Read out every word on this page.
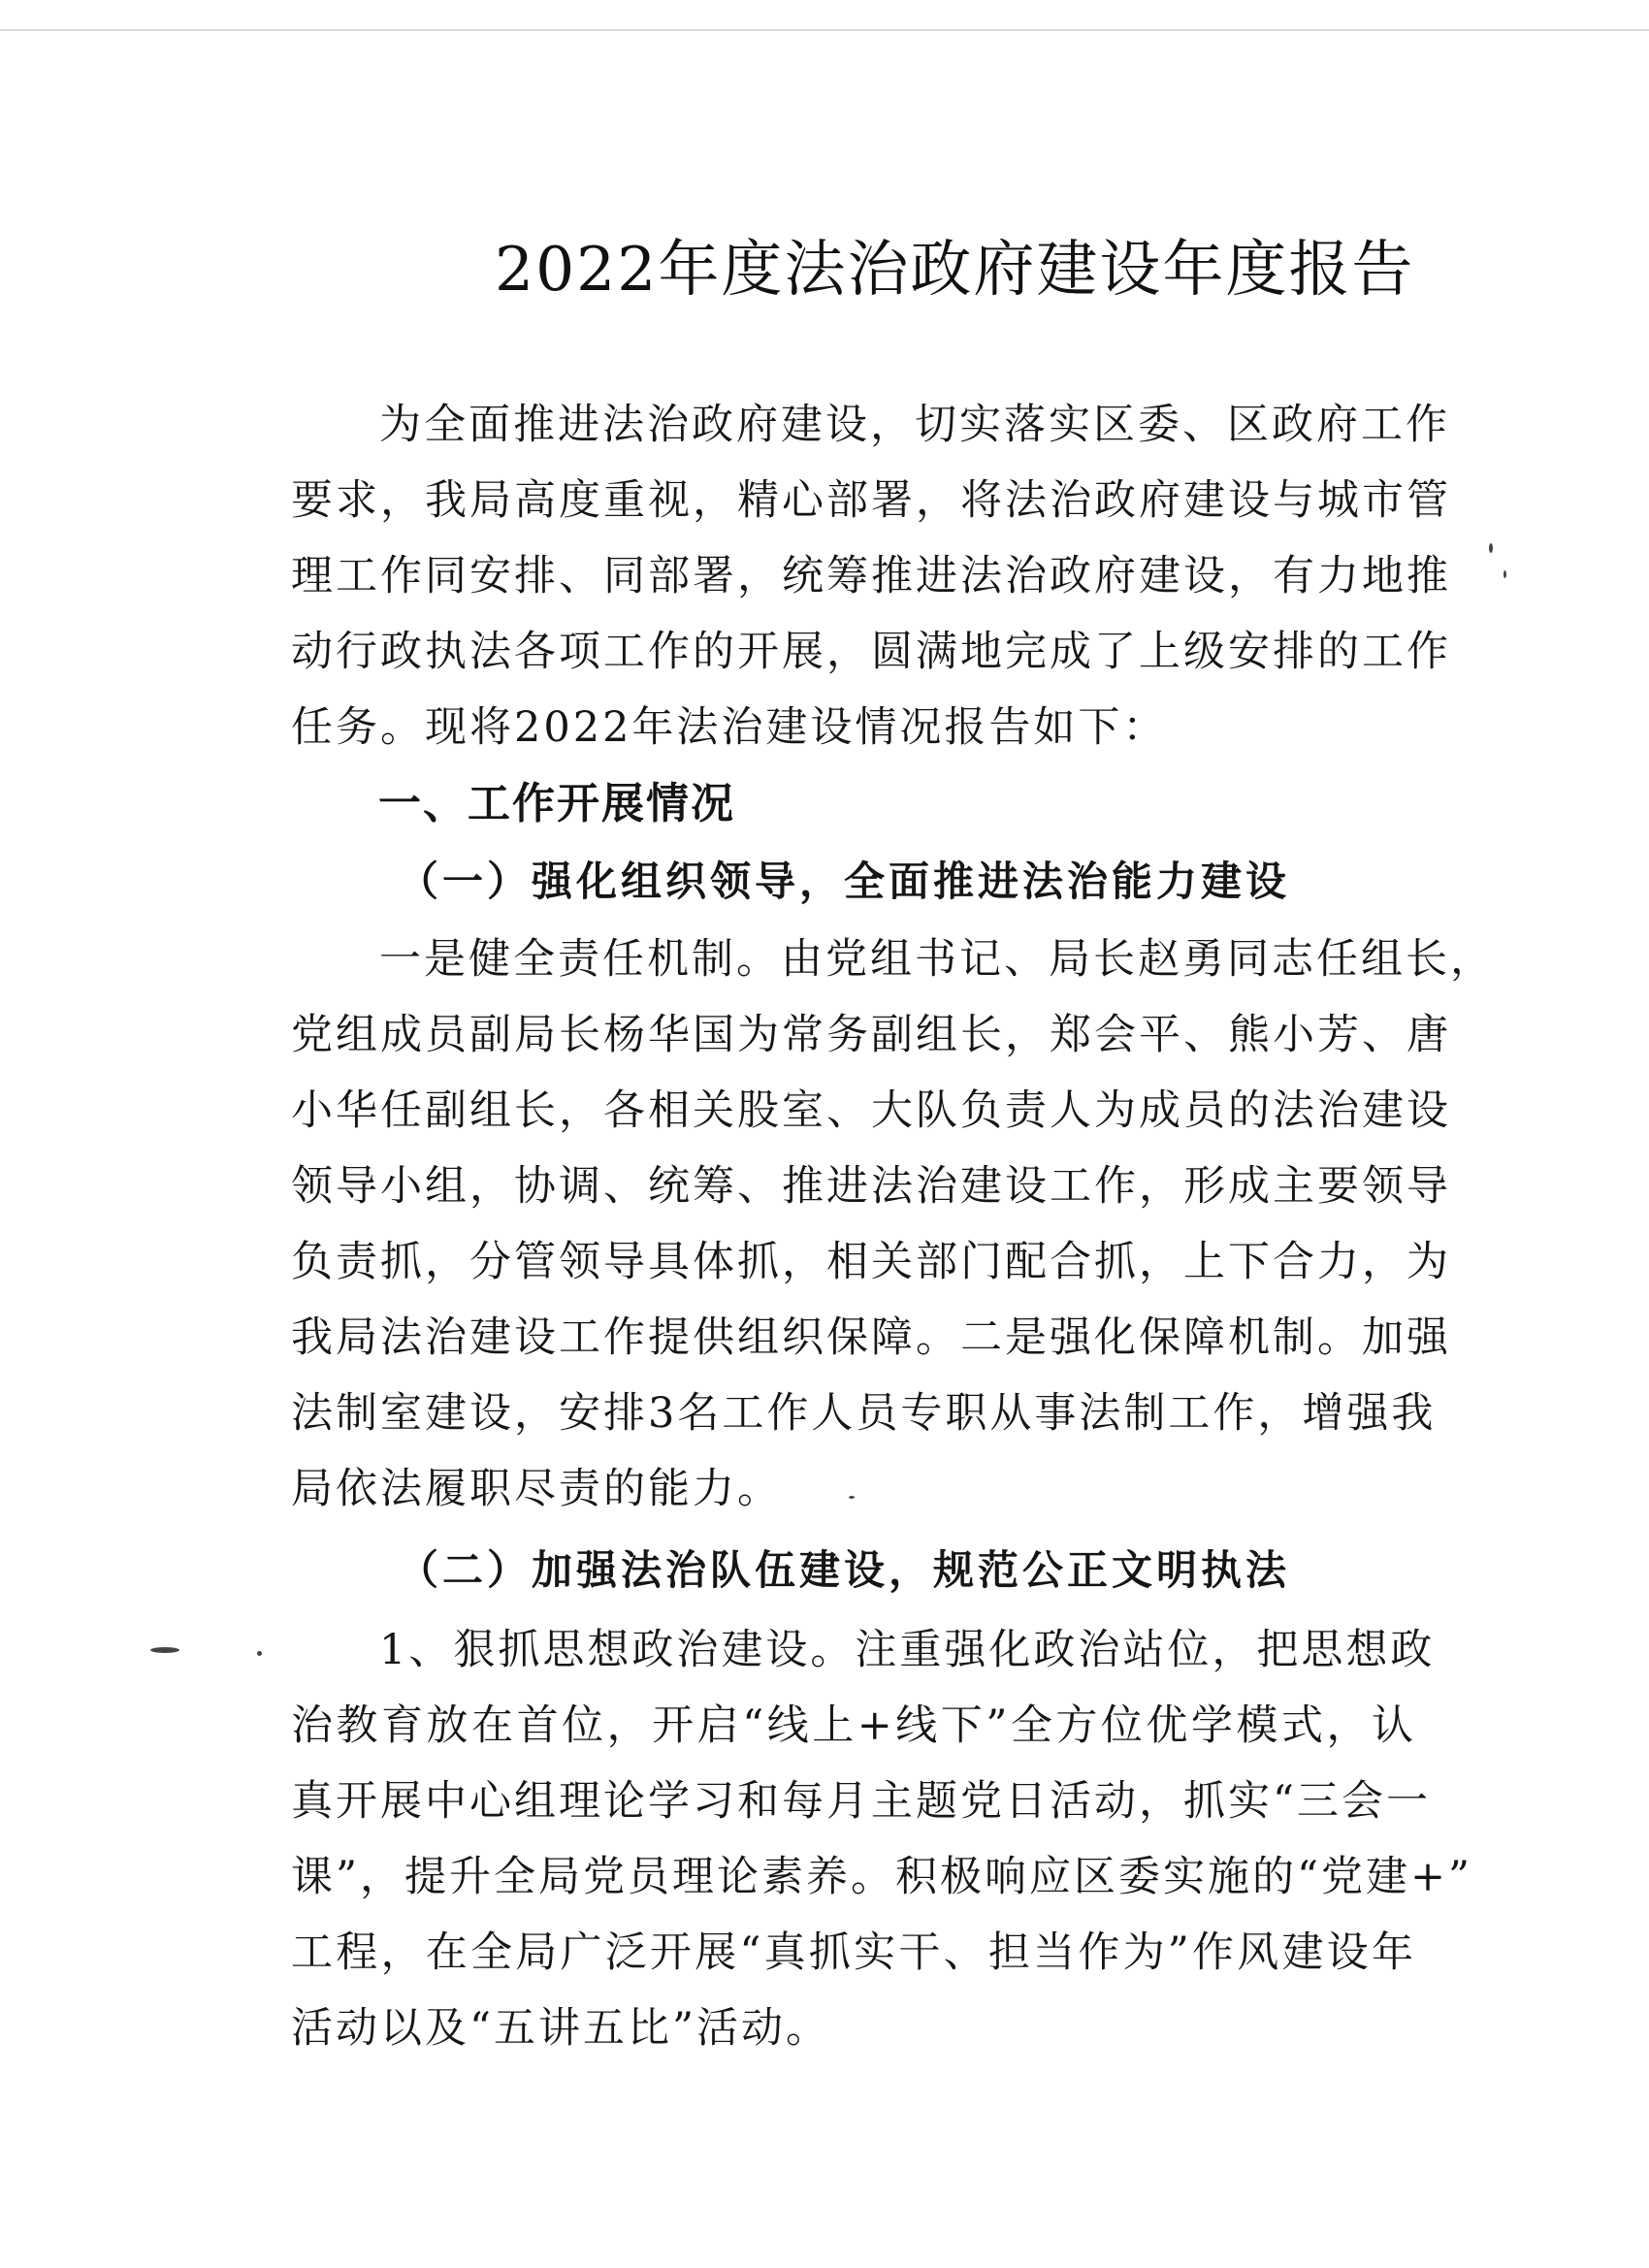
2022年度法治政府建设年度报告
为全面推进法治政府建设，切实落实区委、区政府工作
要求，我局高度重视，精心部署，将法治政府建设与城市管
理工作同安排、同部署，统筹推进法治政府建设，有力地推
动行政执法各项工作的开展，圆满地完成了上级安排的工作
任务。现将2022年法治建设情况报告如下：
一、工作开展情况
（一）强化组织领导，全面推进法治能力建设
一是健全责任机制。由党组书记、局长赵勇同志任组长，
党组成员副局长杨华国为常务副组长，郑会平、熊小芳、唐
小华任副组长，各相关股室、大队负责人为成员的法治建设
领导小组，协调、统筹、推进法治建设工作，形成主要领导
负责抓，分管领导具体抓，相关部门配合抓，上下合力，为
我局法治建设工作提供组织保障。二是强化保障机制。加强
法制室建设，安排3名工作人员专职从事法制工作，增强我
局依法履职尽责的能力。
（二）加强法治队伍建设，规范公正文明执法
1、狠抓思想政治建设。注重强化政治站位，把思想政
治教育放在首位，开启“线上+线下”全方位优学模式，认
真开展中心组理论学习和每月主题党日活动，抓实“三会一
课”，提升全局党员理论素养。积极响应区委实施的“党建+”
工程，在全局广泛开展“真抓实干、担当作为”作风建设年
活动以及“五讲五比”活动。
